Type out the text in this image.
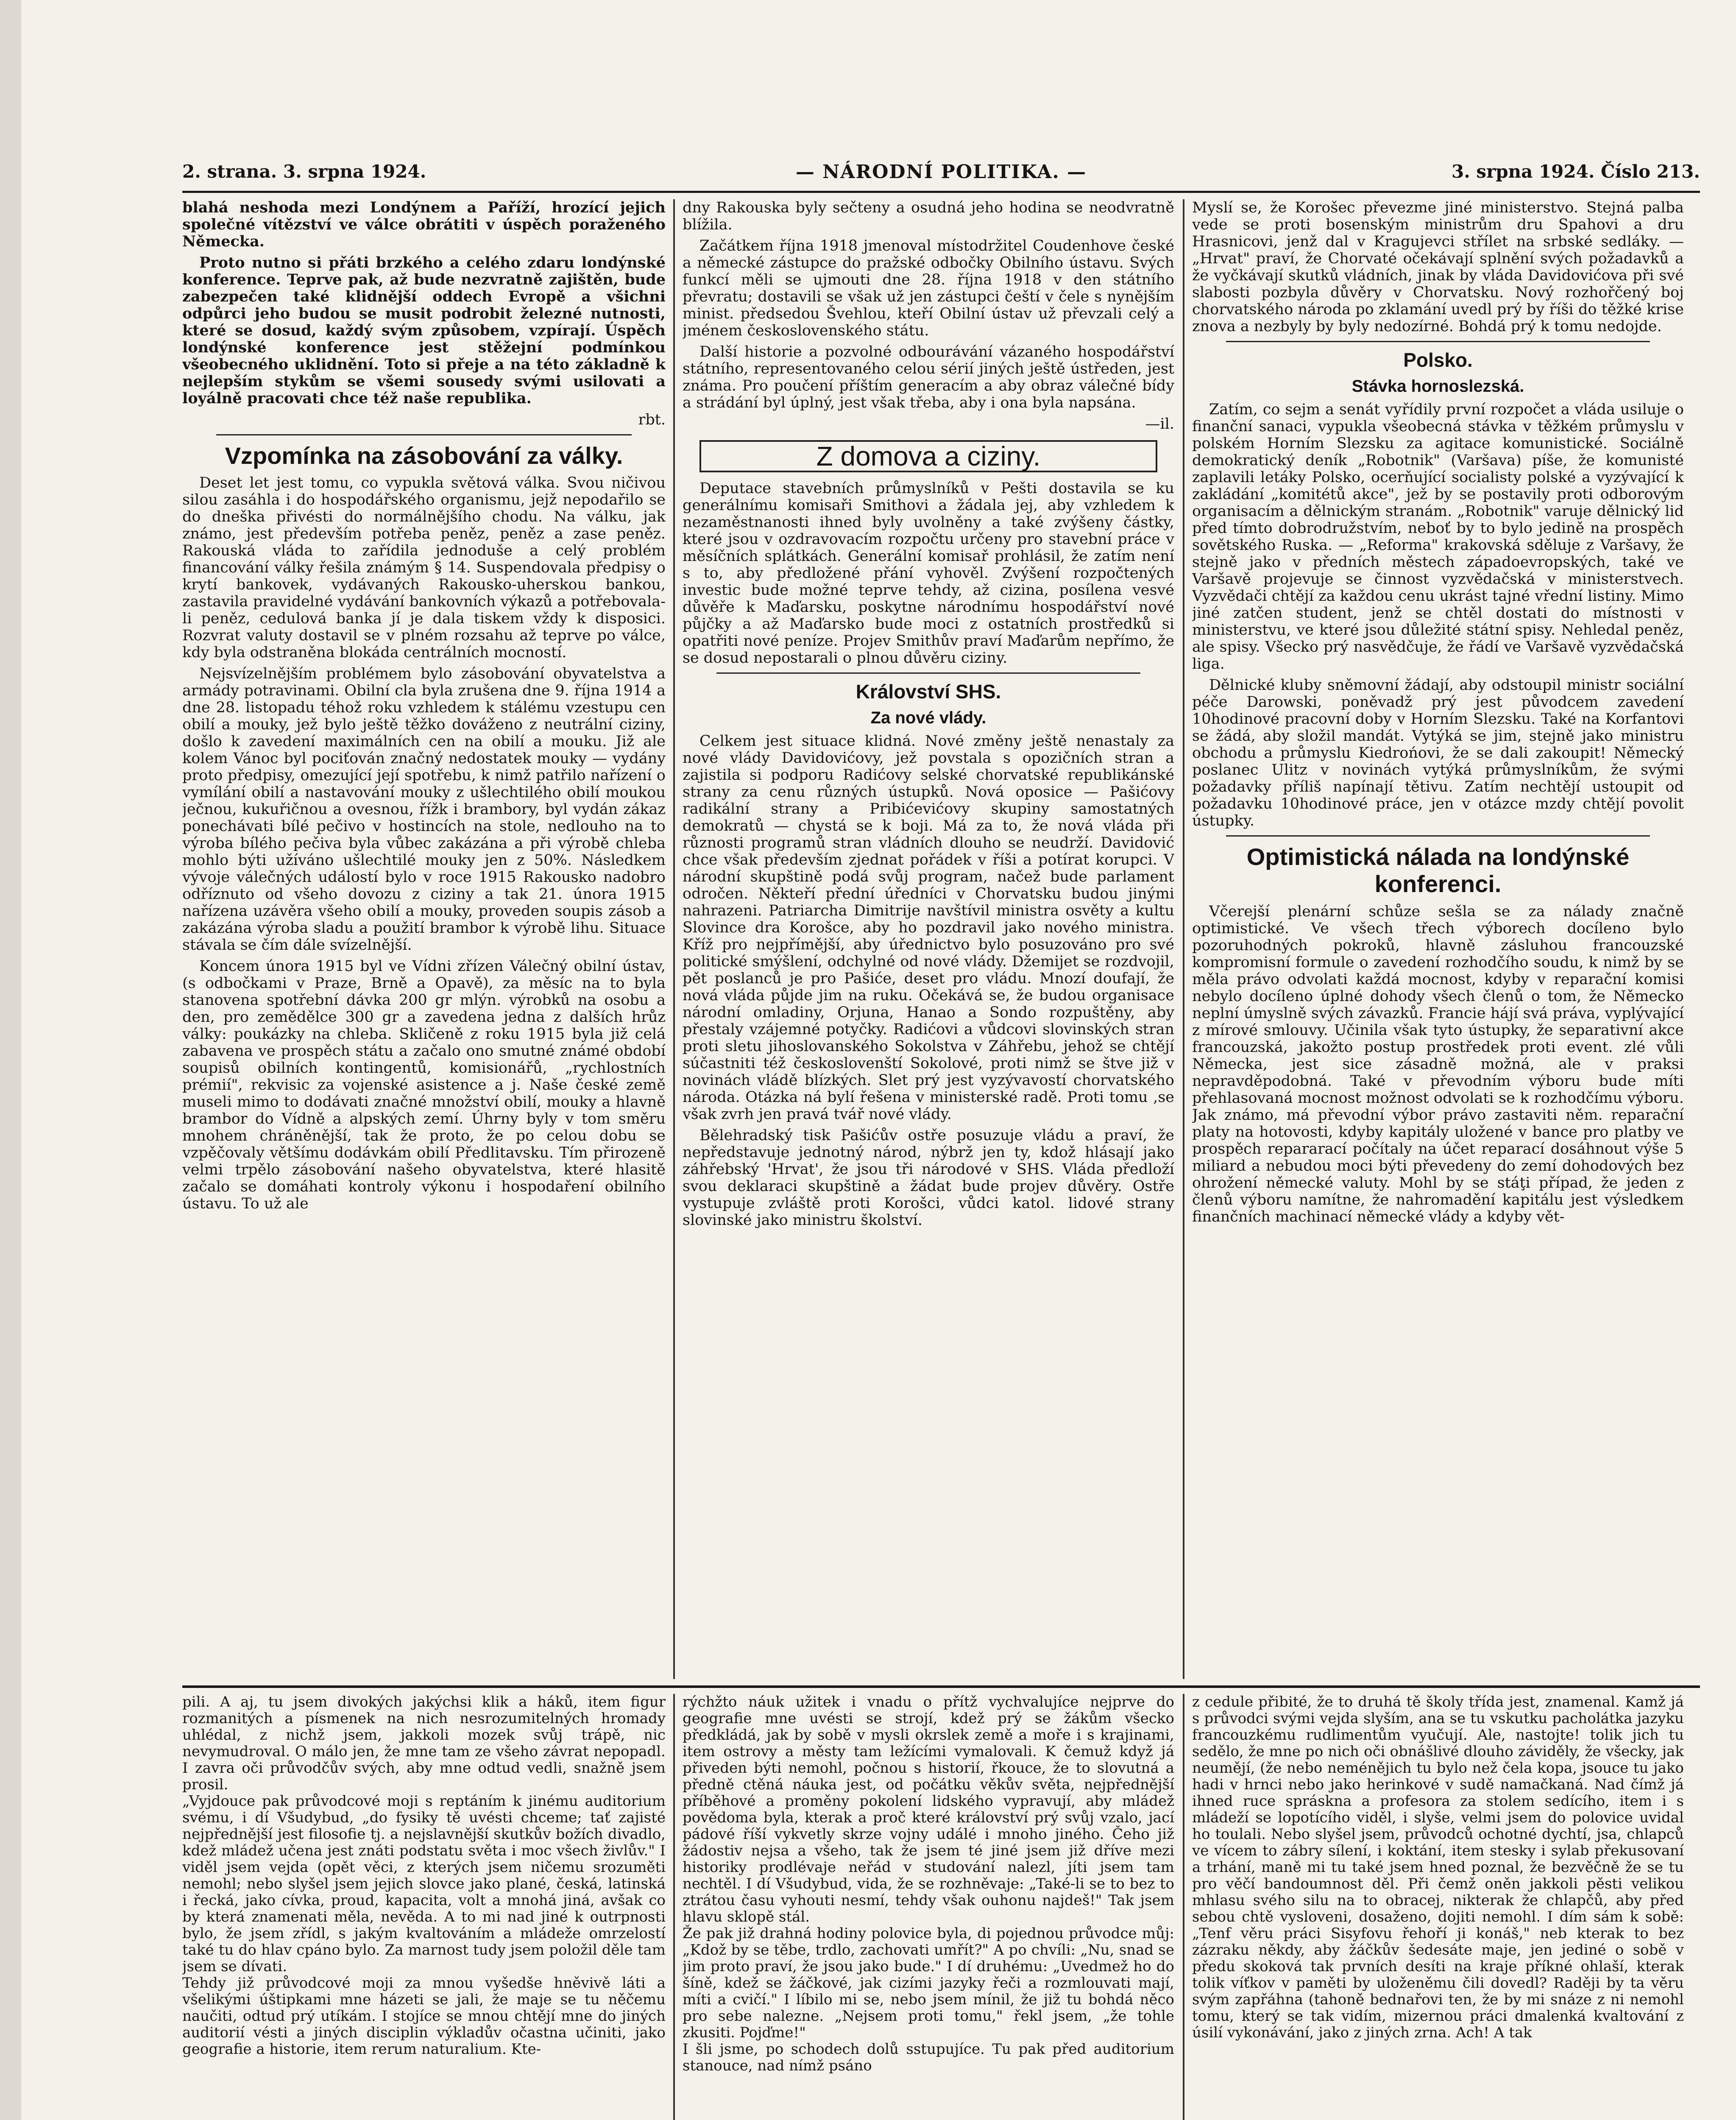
2. strana. 3. srpna 1924.	— NÁRODNÍ POLITIKA. —	3. srpna 1924. Číslo 213.

blahá neshoda mezi Londýnem a Paříží, hrozící jejich společné vítězství ve válce obrátiti v úspěch poraženého Německa.

Proto nutno si přáti brzkého a celého zdaru londýnské konference. Teprve pak, až bude nezvratně zajištěn, bude zabezpečen také klidnější oddech Evropě a všichni odpůrci jeho budou se musit podrobit železné nutnosti, které se dosud, každý svým způsobem, vzpírají. Úspěch londýnské konference jest stěžejní podmínkou všeobecného uklidnění. Toto si přeje a na této základně k nejlepším stykům se všemi sousedy svými usilovati a loyálně pracovati chce též naše republika.

rbt.
Vzpomínka na zásobování za války.

Deset let jest tomu, co vypukla světová válka. Svou ničivou silou zasáhla i do hospodářského organismu, jejž nepodařilo se do dneška přivésti do normálnějšího chodu. Na válku, jak známo, jest především potřeba peněz, peněz a zase peněz. Rakouská vláda to zařídila jednoduše a celý problém financování války řešila známým § 14. Suspendovala předpisy o krytí bankovek, vydávaných Rakousko-uherskou bankou, zastavila pravidelné vydávání bankovních výkazů a potřebovala-li peněz, cedulová banka jí je dala tiskem vždy k disposici. Rozvrat valuty dostavil se v plném rozsahu až teprve po válce, kdy byla odstraněna blokáda centrálních mocností.

Nejsvízelnějším problémem bylo zásobování obyvatelstva a armády potravinami. Obilní cla byla zrušena dne 9. října 1914 a dne 28. listopadu téhož roku vzhledem k stálému vzestupu cen obilí a mouky, jež bylo ještě těžko dováženo z neutrální ciziny, došlo k zavedení maximálních cen na obilí a mouku. Již ale kolem Vánoc byl pociťován značný nedostatek mouky — vydány proto předpisy, omezující její spotřebu, k nimž patřilo nařízení o vymílání obilí a nastavování mouky z ušlechtilého obilí moukou ječnou, kukuřičnou a ovesnou, řížk i brambory, byl vydán zákaz ponechávati bílé pečivo v hostincích na stole, nedlouho na to výroba bílého pečiva byla vůbec zakázána a při výrobě chleba mohlo býti užíváno ušlechtilé mouky jen z 50%. Následkem vývoje válečných událostí bylo v roce 1915 Rakousko nadobro odříznuto od všeho dovozu z ciziny a tak 21. února 1915 nařízena uzávěra všeho obilí a mouky, proveden soupis zásob a zakázána výroba sladu a použití brambor k výrobě lihu. Situace stávala se čím dále svízelnější.

Koncem února 1915 byl ve Vídni zřízen Válečný obilní ústav, (s odbočkami v Praze, Brně a Opavě), za měsíc na to byla stanovena spotřební dávka 200 gr mlýn. výrobků na osobu a den, pro zemědělce 300 gr a zavedena jedna z dalších hrůz války: poukázky na chleba. Skličeně z roku 1915 byla již celá zabavena ve prospěch státu a začalo ono smutné známé období soupisů obilních kontingentů, komisionářů, „rychlostních prémií", rekvisic za vojenské asistence a j. Naše české země museli mimo to dodávati značné množství obilí, mouky a hlavně brambor do Vídně a alpských zemí. Úhrny byly v tom směru mnohem chráněnější, tak že proto, že po celou dobu se vzpěčovaly většímu dodávkám obilí Předlitavsku. Tím přirozeně velmi trpělo zásobování našeho obyvatelstva, které hlasitě začalo se domáhati kontroly výkonu i hospodaření obilního ústavu. To už ale

dny Rakouska byly sečteny a osudná jeho hodina se neodvratně blížila.

Začátkem října 1918 jmenoval místodržitel Coudenhove české a německé zástupce do pražské odbočky Obilního ústavu. Svých funkcí měli se ujmouti dne 28. října 1918 v den státního převratu; dostavili se však už jen zástupci čeští v čele s nynějším minist. předsedou Švehlou, kteří Obilní ústav už převzali celý a jménem československého státu.

Další historie a pozvolné odbourávání vázaného hospodářství státního, representovaného celou sérií jiných ještě ústředen, jest známa. Pro poučení příštím generacím a aby obraz válečné bídy a strádání byl úplný, jest však třeba, aby i ona byla napsána.

—il.
Z domova a ciziny.

Deputace stavebních průmyslníků v Pešti dostavila se ku generálnímu komisaři Smithovi a žádala jej, aby vzhledem k nezaměstnanosti ihned byly uvolněny a také zvýšeny částky, které jsou v ozdravovacím rozpočtu určeny pro stavební práce v měsíčních splátkách. Generální komisař prohlásil, že zatím není s to, aby předložené přání vyhověl. Zvýšení rozpočtených investic bude možné teprve tehdy, až cizina, posílena vesvé důvěře k Maďarsku, poskytne národnímu hospodářství nové půjčky a až Maďarsko bude moci z ostatních prostředků si opatřiti nové peníze. Projev Smithův praví Maďarům nepřímo, že se dosud nepostarali o plnou důvěru ciziny.

Království SHS.
Za nové vlády.

Celkem jest situace klidná. Nové změny ještě nenastaly za nové vlády Davidovićovy, jež povstala s opozičních stran a zajistila si podporu Radićovy selské chorvatské republikánské strany za cenu různých ústupků. Nová oposice — Pašićovy radikální strany a Pribićevićovy skupiny samostatných demokratů — chystá se k boji. Má za to, že nová vláda při různosti programů stran vládních dlouho se neudrží. Davidović chce však především zjednat pořádek v říši a potírat korupci. V národní skupštině podá svůj program, načež bude parlament odročen. Někteří přední úředníci v Chorvatsku budou jinými nahrazeni. Patriarcha Dimitrije navštívil ministra osvěty a kultu Slovince dra Korošce, aby ho pozdravil jako nového ministra. Kříž pro nejpřímější, aby úřednictvo bylo posuzováno pro své politické smýšlení, odchylné od nové vlády. Džemijet se rozdvojil, pět poslanců je pro Pašiće, deset pro vládu. Mnozí doufají, že nová vláda půjde jim na ruku. Očekává se, že budou organisace národní omladiny, Orjuna, Hanao a Sondo rozpuštěny, aby přestaly vzájemné potyčky. Radićovi a vůdcovi slovinských stran proti sletu jihoslovanského Sokolstva v Záhřebu, jehož se chtějí súčastniti též českoslovenští Sokolové, proti nimž se štve již v novinách vládě blízkých. Slet prý jest vyzývavostí chorvatského národa. Otázka ná bylí řešena v ministerské radě. Proti tomu ,se však zvrh jen pravá tvář nové vlády.

Bělehradský tisk Pašićův ostře posuzuje vládu a praví, že nepředstavuje jednotný národ, nýbrž jen ty, kdož hlásají jako záhřebský 'Hrvat', že jsou tři národové v SHS. Vláda předloží svou deklaraci skupštině a žádat bude projev důvěry. Ostře vystupuje zvláště proti Korošci, vůdci katol. lidové strany slovinské jako ministru školství.

Myslí se, že Korošec převezme jiné ministerstvo. Stejná palba vede se proti bosenským ministrům dru Spahovi a dru Hrasnicovi, jenž dal v Kragujevci střílet na srbské sedláky. — „Hrvat" praví, že Chorvaté očekávají splnění svých požadavků a že vyčkávají skutků vládních, jinak by vláda Davidovićova při své slabosti pozbyla důvěry v Chorvatsku. Nový rozhořčený boj chorvatského národa po zklamání uvedl prý by říši do těžké krise znova a nezbyly by byly nedozírné. Bohdá prý k tomu nedojde.

Polsko.
Stávka hornoslezská.

Zatím, co sejm a senát vyřídily první rozpočet a vláda usiluje o finanční sanaci, vypukla všeobecná stávka v těžkém průmyslu v polském Horním Slezsku za agitace komunistické. Sociálně demokratický deník „Robotnik" (Varšava) píše, že komunisté zaplavili letáky Polsko, ocerňující socialisty polské a vyzývající k zakládání „komitétů akce", jež by se postavily proti odborovým organisacím a dělnickým stranám. „Robotnik" varuje dělnický lid před tímto dobrodružstvím, neboť by to bylo jedině na prospěch sovětského Ruska. — „Reforma" krakovská sděluje z Varšavy, že stejně jako v předních městech západoevropských, také ve Varšavě projevuje se činnost vyzvědačská v ministerstvech. Vyzvědači chtějí za každou cenu ukrást tajné vřední listiny. Mimo jiné zatčen student, jenž se chtěl dostati do místnosti v ministerstvu, ve které jsou důležité státní spisy. Nehledal peněz, ale spisy. Všecko prý nasvědčuje, že řádí ve Varšavě vyzvědačská liga.

Dělnické kluby sněmovní žádají, aby odstoupil ministr sociální péče Darowski, poněvadž prý jest původcem zavedení 10hodinové pracovní doby v Horním Slezsku. Také na Korfantovi se žádá, aby složil mandát. Vytýká se jim, stejně jako ministru obchodu a průmyslu Kiedrońovi, že se dali zakoupit! Německý poslanec Ulitz v novinách vytýká průmyslníkům, že svými požadavky příliš napínají tětivu. Zatím nechtějí ustoupit od požadavku 10hodinové práce, jen v otázce mzdy chtějí povolit ústupky.

Optimistická nálada na londýnské konferenci.

Včerejší plenární schůze sešla se za nálady značně optimistické. Ve všech třech výborech docíleno bylo pozoruhodných pokroků, hlavně zásluhou francouzské kompromisní formule o zavedení rozhodčího soudu, k nimž by se měla právo odvolati každá mocnost, kdyby v reparační komisi nebylo docíleno úplné dohody všech členů o tom, že Německo neplní úmyslně svých závazků. Francie hájí svá práva, vyplývající z mírové smlouvy. Učinila však tyto ústupky, že separativní akce francouzská, jakožto postup prostředek proti event. zlé vůli Německa, jest sice zásadně možná, ale v praksi nepravděpodobná. Také v převodním výboru bude míti přehlasovaná mocnost možnost odvolati se k rozhodčímu výboru. Jak známo, má převodní výbor právo zastaviti něm. reparační platy na hotovosti, kdyby kapitály uložené v bance pro platby ve prospěch repararací počítaly na účet reparací dosáhnout výše 5 miliard a nebudou moci býti převedeny do zemí dohodových bez ohrožení německé valuty. Mohl by se stáţi případ, že jeden z členů výboru namítne, že nahromadění kapitálu jest výsledkem finančních machinací německé vlády a kdyby vět-

pili. A aj, tu jsem divokých jakýchsi klik a háků, item figur rozmanitých a písmenek na nich nesrozumitelných hromady uhlédal, z nichž jsem, jakkoli mozek svůj trápě, nic nevymudroval. O málo jen, že mne tam ze všeho závrat nepopadl. I zavra oči průvodčův svých, aby mne odtud vedli, snažně jsem prosil.
„Vyjdouce pak průvodcové moji s reptáním k jinému auditorium svému, i dí Všudybud, „do fysiky tě uvésti chceme; tať zajisté nejpřednější jest filosofie tj. a nejslavnější skutkův božích divadlo, kdež mládež učena jest znáti podstatu světa i moc všech živlův." I viděl jsem vejda (opět věci, z kterých jsem ničemu srozuměti nemohl; nebo slyšel jsem jejich slovce jako plané, česká, latinská i řecká, jako cívka, proud, kapacita, volt a mnohá jiná, avšak co by která znamenati měla, nevěda. A to mi nad jiné k outrpnosti bylo, že jsem zřídl, s jakým kvaltováním a mládeže omrzelostí také tu do hlav cpáno bylo. Za marnost tudy jsem položil děle tam jsem se dívati.
Tehdy již průvodcové moji za mnou vyšedše hněvivě láti a všelikými úštipkami mne házeti se jali, že maje se tu něčemu naučiti, odtud prý utíkám. I stojíce se mnou chtějí mne do jiných auditorií vésti a jiných disciplin výkladův očastna učiniti, jako geografie a historie, item rerum naturalium. Kte-

rýchžto náuk užitek i vnadu o přítž vychvalujíce nejprve do geografie mne uvésti se strojí, kdež prý se žákům všecko předkládá, jak by sobě v mysli okrslek země a moře i s krajinami, item ostrovy a městy tam ležícími vymalovali. K čemuž když já přiveden býti nemohl, počnou s historií, řkouce, že to slovutná a předně ctěná náuka jest, od počátku věkův světa, nejpřednější příběhové a proměny pokolení lidského vypravují, aby mládež povědoma byla, kterak a proč které království prý svůj vzalo, jací pádové říší vykvetly skrze vojny událé i mnoho jiného. Čeho již žádostiv nejsa a všeho, tak že jsem té jiné jsem již dříve mezi historiky prodlévaje neřád v studování nalezl, jíti jsem tam nechtěl. I dí Všudybud, vida, že se rozhněvaje: „Také-li se to bez to ztrátou času vyhouti nesmí, tehdy však ouhonu najdeš!" Tak jsem hlavu sklopě stál.
Že pak již drahná hodiny polovice byla, di pojednou průvodce můj: „Kdož by se těbe, trdlo, zachovati umřít?" A po chvíli: „Nu, snad se jim proto praví, že jsou jako bude." I dí druhému: „Uvedmež ho do šíně, kdež se žáčkové, jak cizími jazyky řeči a rozmlouvati mají, míti a cvičí." I líbilo mi se, nebo jsem mínil, že již tu bohdá něco pro sebe nalezne. „Nejsem proti tomu," řekl jsem, „že tohle zkusiti. Pojďme!"
I šli jsme, po schodech dolů sstupujíce. Tu pak před auditorium stanouce, nad nímž psáno

z cedule přibité, že to druhá tě školy třída jest, znamenal. Kamž já s průvodci svými vejda slyším, ana se tu vskutku pacholátka jazyku francouzkému rudlimentům vyučují. Ale, nastojte! tolik jich tu sedělo, že mne po nich oči obnášlivé dlouho záviděly, že všecky, jak neumějí, (že nebo neménějich tu bylo než čela kopa, jsouce tu jako hadi v hrnci nebo jako herinkové v sudě namačkaná. Nad čímž já ihned ruce spráskna a profesora za stolem sedícího, item i s mládeží se lopotícího viděl, i slyše, velmi jsem do polovice uvidal ho toulali. Nebo slyšel jsem, průvodců ochotné dychtí, jsa, chlapců ve vícem to zábry sílení, i koktání, item stesky i sylab překusovaní a trhání, maně mi tu také jsem hned poznal, že bezvěčně že se tu pro věčí bandoumnost děl. Při čemž oněn jakkoli pěsti velikou mhlasu svého silu na to obracej, nikterak že chlapčů, aby před sebou chtě vysloveni, dosaženo, dojiti nemohl. I dím sám k sobě: „Tenf věru práci Sisyfovu řehoří ji konáš," neb kterak to bez zázraku někdy, aby žáčkův šedesáte maje, jen jediné o sobě v předu skoková tak prvních desíti na kraje příkné ohlaší, kterak tolik víťkov v paměti by uloženěmu čili dovedl? Raději by ta věru svým zapřáhna (tahoně bednařovi ten, že by mi snáze z ni nemohl tomu, který se tak vidím, mizernou práci dmalenká kvaltování z úsilí vykonávání, jako z jiných zrna. Ach! A tak
